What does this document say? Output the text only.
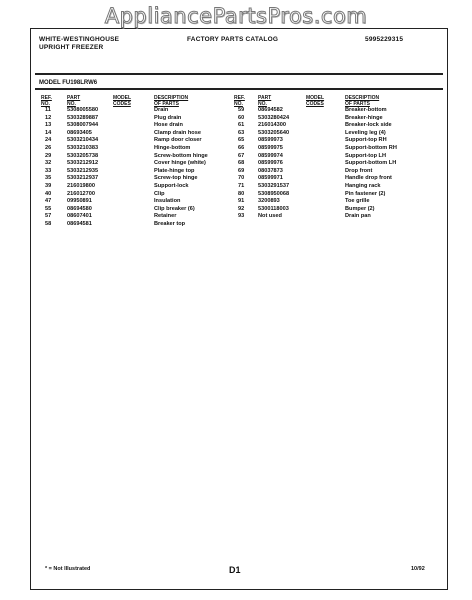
AppliancePartsPros.com
WHITE-WESTINGHOUSE
UPRIGHT FREEZER
FACTORY PARTS CATALOG	5995229315
MODEL FU198LRW6
REF.
NO.
PART
NO.
MODEL
CODES
DESCRIPTION
OF PARTS
11	5308005580	Drain
12	5303289887	Plug drain
13	5308007944	Hose drain
14	08693405	Clamp drain hose
24	5303210434	Ramp door closer
26	5303210383	Hinge-bottom
29	5303205738	Screw-bottom hinge
32	5303212912	Cover hinge (white)
33	5303212935	Plate-hinge top
35	5303212937	Screw-top hinge
39	216019800	Support-lock
40	216012700	Clip
47	09950891	Insulation
55	08694580	Clip breaker (6)
57	08607401	Retainer
58	08694581	Breaker top
REF.
NO.
PART
NO.
MODEL
CODES
DESCRIPTION
OF PARTS
59 08694582	Breaker-bottom
60 5303280424	Breaker-hinge
61 216014300	Breaker-lock side
63 5303205640	Leveling leg (4)
65 08599973	Support-top RH
66 08599975	Support-bottom RH
67 08599974	Support-top LH
68 08599976	Support-bottom LH
69 08037873	Drop front
70 08599971	Handle drop front
71 5303291537	Hanging rack
80 5308950068	Pin fastener (2)
91 3200893	Toe grille
92 5300118003	Bumper (2)
93 Not used	Drain pan
* = Not Illustrated	D1	10/92
